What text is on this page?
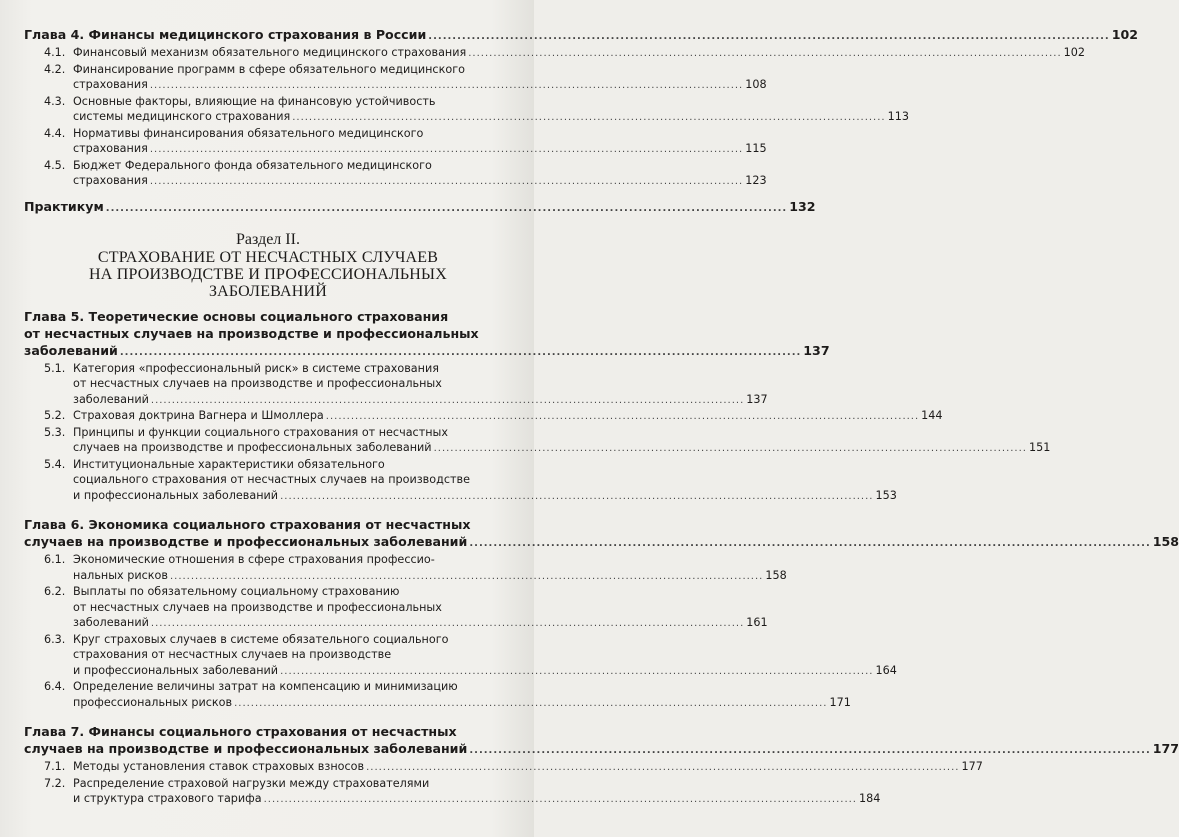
Глава 4. Финансы медицинского страхования в России .....	102
4.1. Финансовый механизм обязательного медицинского страхования .....	102
4.2. Финансирование программ в сфере обязательного медицинского
страхования .....	108
4.3. Основные факторы, влияющие на финансовую устойчивость
системы медицинского страхования .....	113
4.4. Нормативы финансирования обязательного медицинского
страхования .....	115
4.5. Бюджет Федерального фонда обязательного медицинского
страхования .....	123
Практикум .....	132
Раздел II.
СТРАХОВАНИЕ ОТ НЕСЧАСТНЫХ СЛУЧАЕВ
НА ПРОИЗВОДСТВЕ И ПРОФЕССИОНАЛЬНЫХ
ЗАБОЛЕВАНИЙ
Глава 5. Теоретические основы социального страхования
от несчастных случаев на производстве и профессиональных
заболеваний .....	137
5.1. Категория «профессиональный риск» в системе страхования
от несчастных случаев на производстве и профессиональных
заболеваний .....	137
5.2. Страховая доктрина Вагнера и Шмоллера .....	144
5.3. Принципы и функции социального страхования от несчастных
случаев на производстве и профессиональных заболеваний .....	151
5.4. Институциональные характеристики обязательного
социального страхования от несчастных случаев на производстве
и профессиональных заболеваний .....	153
Глава 6. Экономика социального страхования от несчастных
случаев на производстве и профессиональных заболеваний .....	158
6.1. Экономические отношения в сфере страхования профессио-
нальных рисков .....	158
6.2. Выплаты по обязательному социальному страхованию
от несчастных случаев на производстве и профессиональных
заболеваний .....	161
6.3. Круг страховых случаев в системе обязательного социального
страхования от несчастных случаев на производстве
и профессиональных заболеваний .....	164
6.4. Определение величины затрат на компенсацию и минимизацию
профессиональных рисков .....	171
Глава 7. Финансы социального страхования от несчастных
случаев на производстве и профессиональных заболеваний .....	177
7.1. Методы установления ставок страховых взносов .....	177
7.2. Распределение страховой нагрузки между страхователями
и структура страхового тарифа .....	184
